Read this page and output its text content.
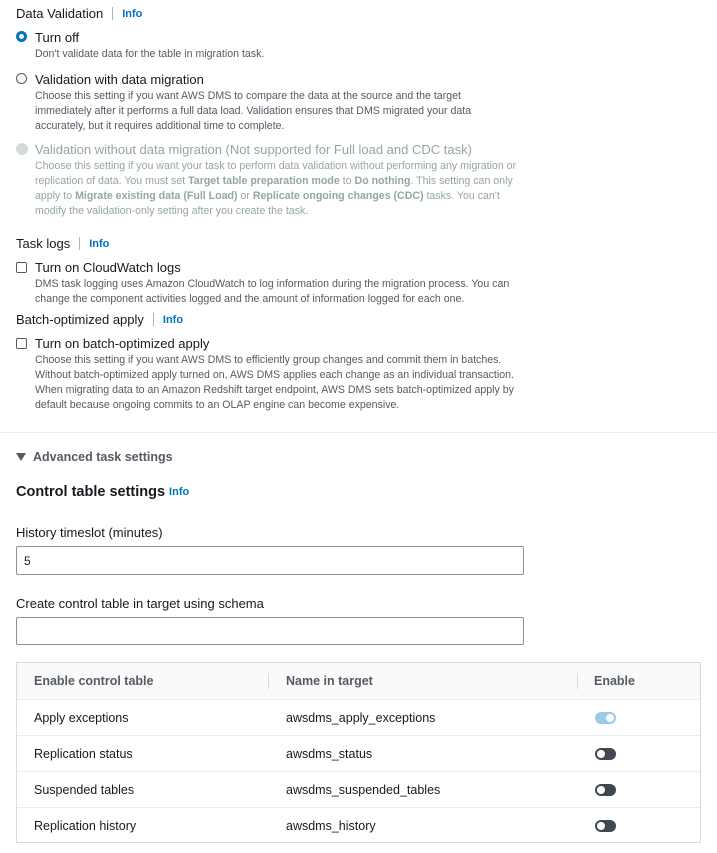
Data Validation Info
Turn off
Don't validate data for the table in migration task.
Validation with data migration
Choose this setting if you want AWS DMS to compare the data at the source and the target immediately after it performs a full data load. Validation ensures that DMS migrated your data accurately, but it requires additional time to complete.
Validation without data migration (Not supported for Full load and CDC task)
Choose this setting if you want your task to perform data validation without performing any migration or replication of data. You must set Target table preparation mode to Do nothing. This setting can only apply to Migrate existing data (Full Load) or Replicate ongoing changes (CDC) tasks. You can't modify the validation-only setting after you create the task.
Task logs Info
Turn on CloudWatch logs
DMS task logging uses Amazon CloudWatch to log information during the migration process. You can change the component activities logged and the amount of information logged for each one.
Batch-optimized apply Info
Turn on batch-optimized apply
Choose this setting if you want AWS DMS to efficiently group changes and commit them in batches. Without batch-optimized apply turned on, AWS DMS applies each change as an individual transaction. When migrating data to an Amazon Redshift target endpoint, AWS DMS sets batch-optimized apply by default because ongoing commits to an OLAP engine can become expensive.
Advanced task settings
Control table settings Info
History timeslot (minutes)
5
Create control table in target using schema
Enable control table	Name in target	Enable
Apply exceptions	awsdms_apply_exceptions
Replication status	awsdms_status
Suspended tables	awsdms_suspended_tables
Replication history	awsdms_history
